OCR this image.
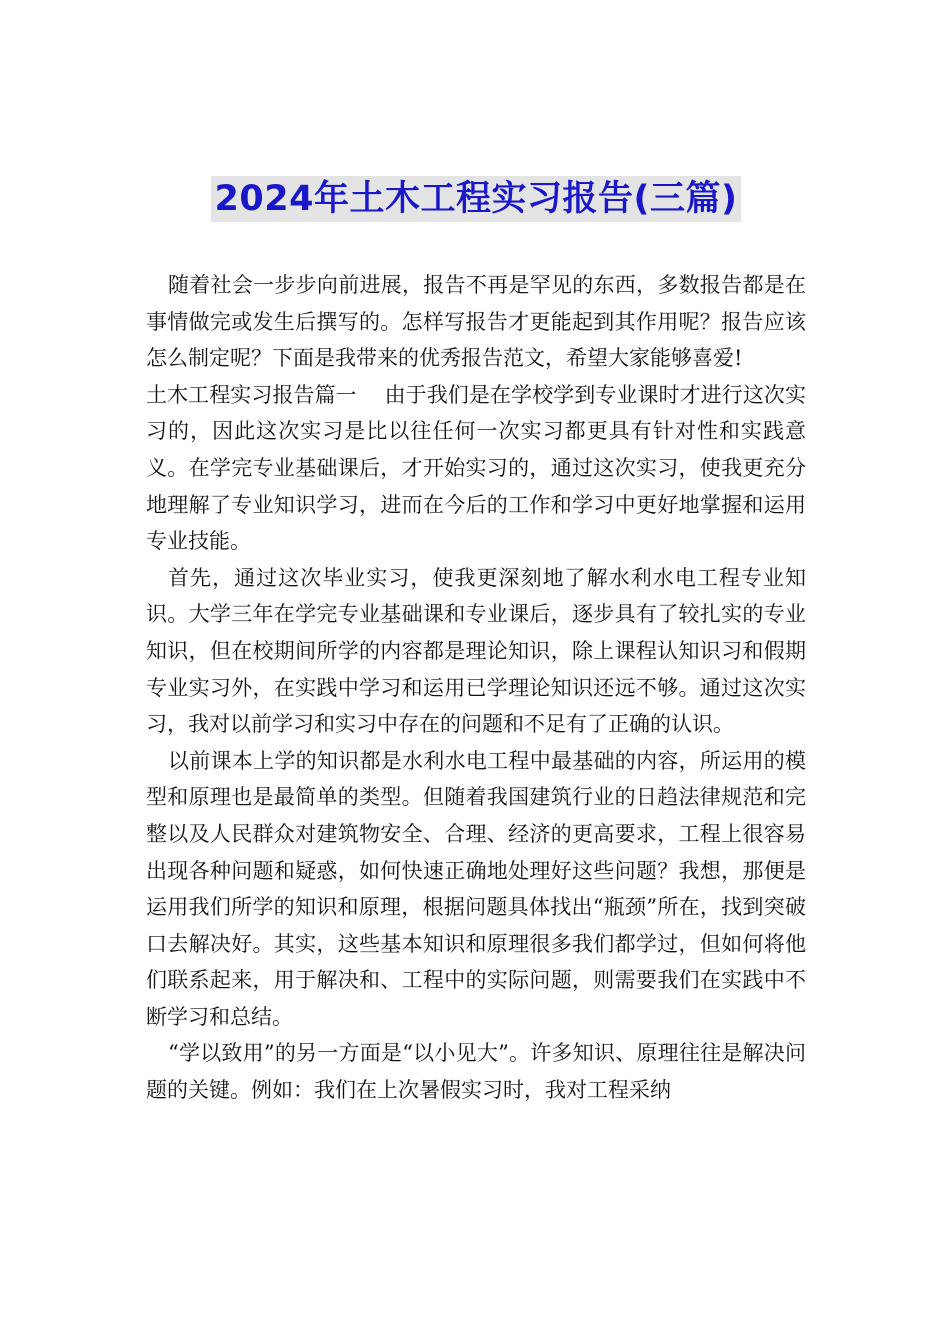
2024年土木工程实习报告(三篇)

随着社会一步步向前进展，报告不再是罕见的东西，多数报告都是在事情做完或发生后撰写的。怎样写报告才更能起到其作用呢？报告应该怎么制定呢？下面是我带来的优秀报告范文，希望大家能够喜爱!

土木工程实习报告篇一　 由于我们是在学校学到专业课时才进行这次实习的，因此这次实习是比以往任何一次实习都更具有针对性和实践意义。在学完专业基础课后，才开始实习的，通过这次实习，使我更充分地理解了专业知识学习，进而在今后的工作和学习中更好地掌握和运用专业技能。

首先，通过这次毕业实习，使我更深刻地了解水利水电工程专业知识。大学三年在学完专业基础课和专业课后，逐步具有了较扎实的专业知识，但在校期间所学的内容都是理论知识，除上课程认知识习和假期专业实习外，在实践中学习和运用已学理论知识还远不够。通过这次实习，我对以前学习和实习中存在的问题和不足有了正确的认识。

以前课本上学的知识都是水利水电工程中最基础的内容，所运用的模型和原理也是最简单的类型。但随着我国建筑行业的日趋法律规范和完整以及人民群众对建筑物安全、合理、经济的更高要求，工程上很容易出现各种问题和疑惑，如何快速正确地处理好这些问题？我想，那便是运用我们所学的知识和原理，根据问题具体找出“瓶颈”所在，找到突破口去解决好。其实，这些基本知识和原理很多我们都学过，但如何将他们联系起来，用于解决和、工程中的实际问题，则需要我们在实践中不断学习和总结。

“学以致用”的另一方面是“以小见大”。许多知识、原理往往是解决问题的关键。例如：我们在上次暑假实习时，我对工程采纳
